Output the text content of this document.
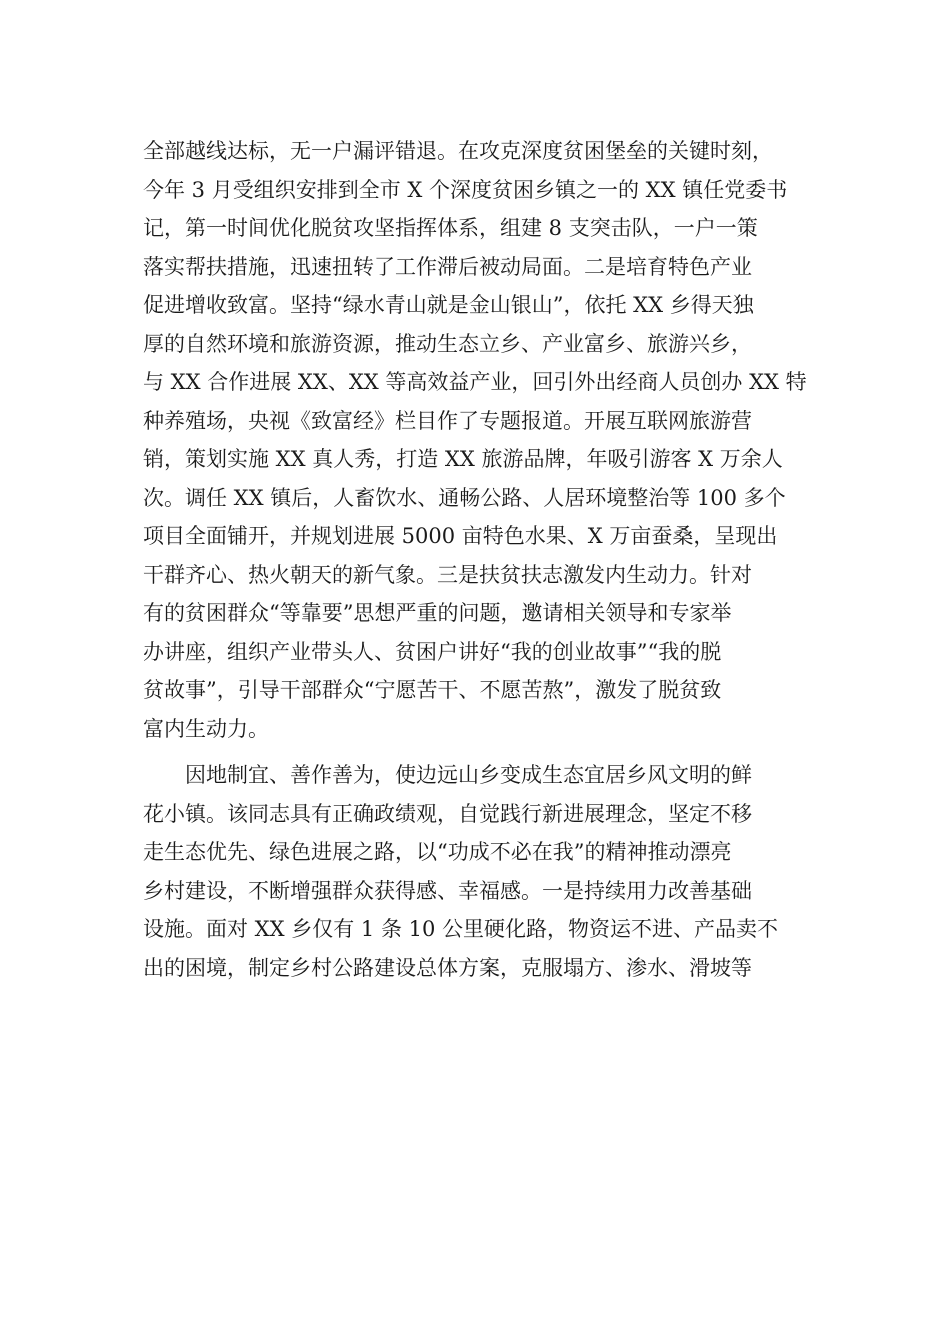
全部越线达标，无一户漏评错退。在攻克深度贫困堡垒的关键时刻，
今年 3 月受组织安排到全市 X 个深度贫困乡镇之一的 XX 镇任党委书
记，第一时间优化脱贫攻坚指挥体系，组建 8 支突击队，一户一策
落实帮扶措施，迅速扭转了工作滞后被动局面。二是培育特色产业
促进增收致富。坚持“绿水青山就是金山银山”，依托 XX 乡得天独
厚的自然环境和旅游资源，推动生态立乡、产业富乡、旅游兴乡，
与 XX 合作进展 XX、XX 等高效益产业，回引外出经商人员创办 XX 特
种养殖场，央视《致富经》栏目作了专题报道。开展互联网旅游营
销，策划实施 XX 真人秀，打造 XX 旅游品牌，年吸引游客 X 万余人
次。调任 XX 镇后，人畜饮水、通畅公路、人居环境整治等 100 多个
项目全面铺开，并规划进展 5000 亩特色水果、X 万亩蚕桑，呈现出
干群齐心、热火朝天的新气象。三是扶贫扶志激发内生动力。针对
有的贫困群众“等靠要”思想严重的问题，邀请相关领导和专家举
办讲座，组织产业带头人、贫困户讲好“我的创业故事”“我的脱
贫故事”，引导干部群众“宁愿苦干、不愿苦熬”，激发了脱贫致
富内生动力。
因地制宜、善作善为，使边远山乡变成生态宜居乡风文明的鲜
花小镇。该同志具有正确政绩观，自觉践行新进展理念，坚定不移
走生态优先、绿色进展之路，以“功成不必在我”的精神推动漂亮
乡村建设，不断增强群众获得感、幸福感。一是持续用力改善基础
设施。面对 XX 乡仅有 1 条 10 公里硬化路，物资运不进、产品卖不
出的困境，制定乡村公路建设总体方案，克服塌方、渗水、滑坡等
